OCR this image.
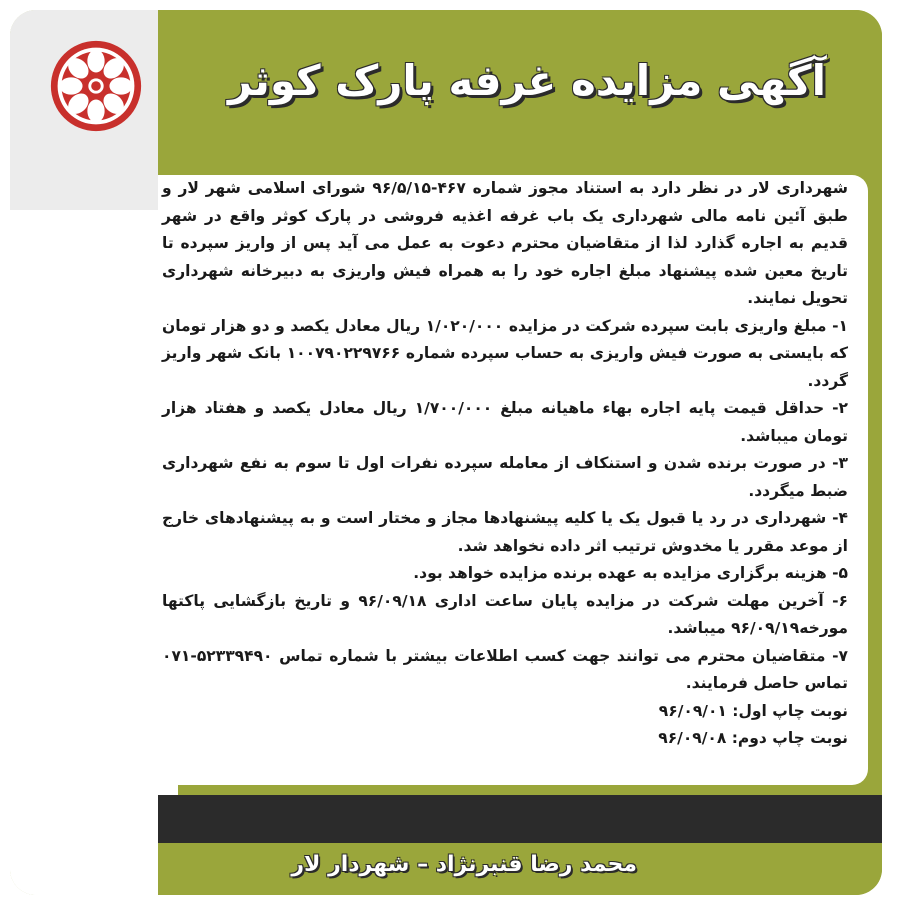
آگهی مزایده غرفه پارک کوثر
محمد رضا قنبرنژاد – شهردار لار

شهرداری لار در نظر دارد به استناد مجوز شماره ۴۶۷-۹۶/۵/۱۵ شورای اسلامی شهر لار و طبق آئین نامه مالی شهرداری یک باب غرفه اغذیه فروشی در پارک کوثر واقع در شهر قدیم به اجاره گذارد لذا از متقاضیان محترم دعوت به عمل می آید پس از واریز سپرده تا تاریخ معین شده پیشنهاد مبلغ اجاره خود را به همراه فیش واریزی به دبیرخانه شهرداری تحویل نمایند.

۱- مبلغ واریزی بابت سپرده شرکت در مزایده ۱/۰۲۰/۰۰۰ ریال معادل یکصد و دو هزار تومان که بایستی به صورت فیش واریزی به حساب سپرده شماره ۱۰۰۷۹۰۲۲۹۷۶۶ بانک شهر واریز گردد.

۲- حداقل قیمت پایه اجاره بهاء ماهیانه مبلغ ۱/۷۰۰/۰۰۰ ریال معادل یکصد و هفتاد هزار تومان میباشد.

۳- در صورت برنده شدن و استنکاف از معامله سپرده نفرات اول تا سوم به نفع شهرداری ضبط میگردد.

۴- شهرداری در رد یا قبول یک یا کلیه پیشنهادها مجاز و مختار است و به پیشنهادهای خارج از موعد مقرر یا مخدوش ترتیب اثر داده نخواهد شد.

۵- هزینه برگزاری مزایده به عهده برنده مزایده خواهد بود.

۶- آخرین مهلت شرکت در مزایده پایان ساعت اداری ۹۶/۰۹/۱۸ و تاریخ بازگشایی پاکتها مورخه۹۶/۰۹/۱۹ میباشد.

۷- متقاضیان محترم می توانند جهت کسب اطلاعات بیشتر با شماره تماس ۵۲۳۳۹۴۹۰-۰۷۱ تماس حاصل فرمایند.

نوبت چاپ اول: ۹۶/۰۹/۰۱

نوبت چاپ دوم: ۹۶/۰۹/۰۸
